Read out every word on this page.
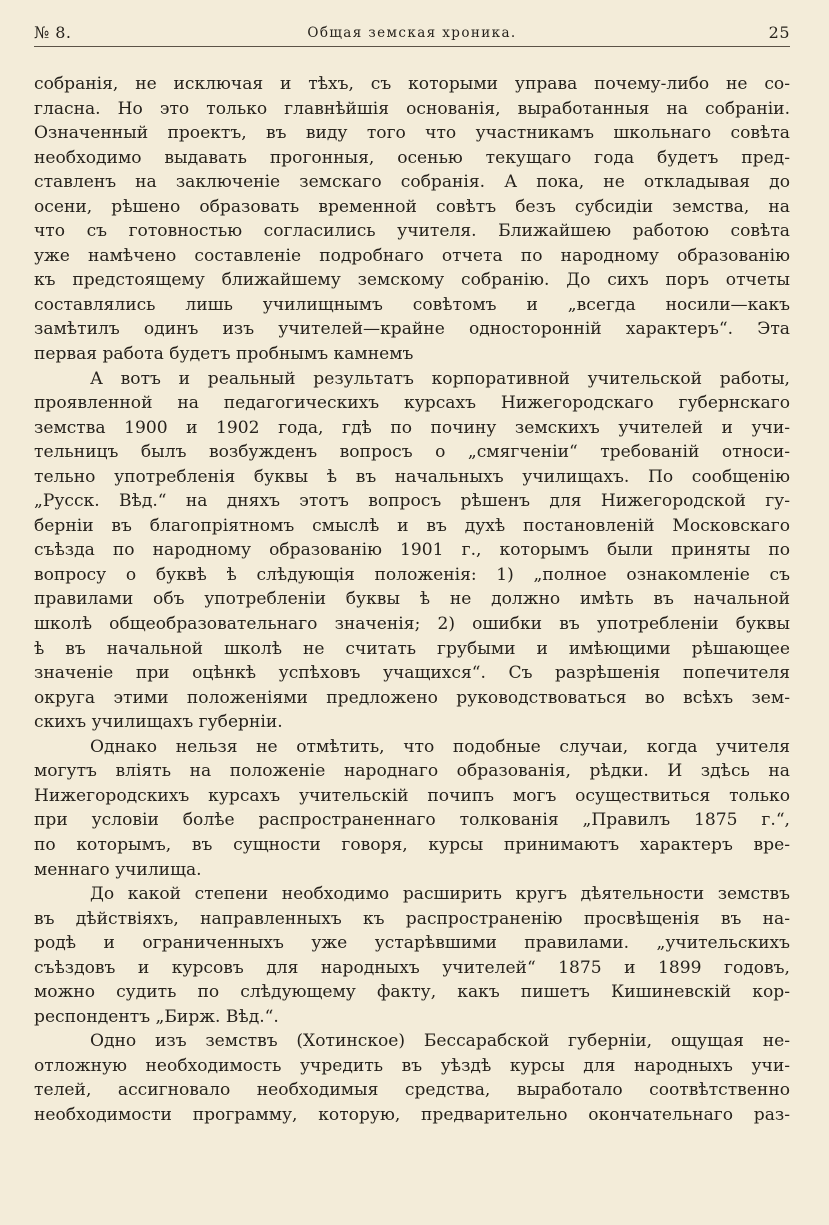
№ 8.	Общая земская хроника.	25
собранія, не исключая и тѣхъ, съ которыми управа почему-либо не со-
гласна. Но это только главнѣйшія основанія, выработанныя на собраніи.
Означенный проектъ, въ виду того что участникамъ школьнаго совѣта
необходимо выдавать прогонныя, осенью текущаго года будетъ пред-
ставленъ на заключеніе земскаго собранія. А пока, не откладывая до
осени, рѣшено образовать временной совѣтъ безъ субсидіи земства, на
что съ готовностью согласились учителя. Ближайшею работою совѣта
уже намѣчено составленіе подробнаго отчета по народному образованію
къ предстоящему ближайшему земскому собранію. До сихъ поръ отчеты
составлялись лишь училищнымъ совѣтомъ и „всегда носили—какъ
замѣтилъ одинъ изъ учителей—крайне односторонній характеръ“. Эта
первая работа будетъ пробнымъ камнемъ
А вотъ и реальный результатъ корпоративной учительской работы,
проявленной на педагогическихъ курсахъ Нижегородскаго губернскаго
земства 1900 и 1902 года, гдѣ по почину земскихъ учителей и учи-
тельницъ былъ возбужденъ вопросъ о „смягченіи“ требованій относи-
тельно употребленія буквы ѣ въ начальныхъ училищахъ. По сообщенію
„Русск. Вѣд.“ на дняхъ этотъ вопросъ рѣшенъ для Нижегородской гу-
берніи въ благопріятномъ смыслѣ и въ духѣ постановленій Московскаго
съѣзда по народному образованію 1901 г., которымъ были приняты по
вопросу о буквѣ ѣ слѣдующія положенія: 1) „полное ознакомленіе съ
правилами объ употребленіи буквы ѣ не должно имѣть въ начальной
школѣ общеобразовательнаго значенія; 2) ошибки въ употребленіи буквы
ѣ въ начальной школѣ не считать грубыми и имѣющими рѣшающее
значеніе при оцѣнкѣ успѣховъ учащихся“. Съ разрѣшенія попечителя
округа этими положеніями предложено руководствоваться во всѣхъ зем-
скихъ училищахъ губерніи.
Однако нельзя не отмѣтить, что подобные случаи, когда учителя
могутъ вліять на положеніе народнаго образованія, рѣдки. И здѣсь на
Нижегородскихъ курсахъ учительскій почипъ могъ осуществиться только
при условіи болѣе распространеннаго толкованія „Правилъ 1875 г.“,
по которымъ, въ сущности говоря, курсы принимаютъ характеръ вре-
меннаго училища.
До какой степени необходимо расширить кругъ дѣятельности земствъ
въ дѣйствіяхъ, направленныхъ къ распространенію просвѣщенія въ на-
родѣ и ограниченныхъ уже устарѣвшими правилами. „учительскихъ
съѣздовъ и курсовъ для народныхъ учителей“ 1875 и 1899 годовъ,
можно судить по слѣдующему факту, какъ пишетъ Кишиневскій кор-
респондентъ „Бирж. Вѣд.“.
Одно изъ земствъ (Хотинское) Бессарабской губерніи, ощущая не-
отложную необходимость учредить въ уѣздѣ курсы для народныхъ учи-
телей, ассигновало необходимыя средства, выработало соотвѣтственно
необходимости программу, которую, предварительно окончательнаго раз-
